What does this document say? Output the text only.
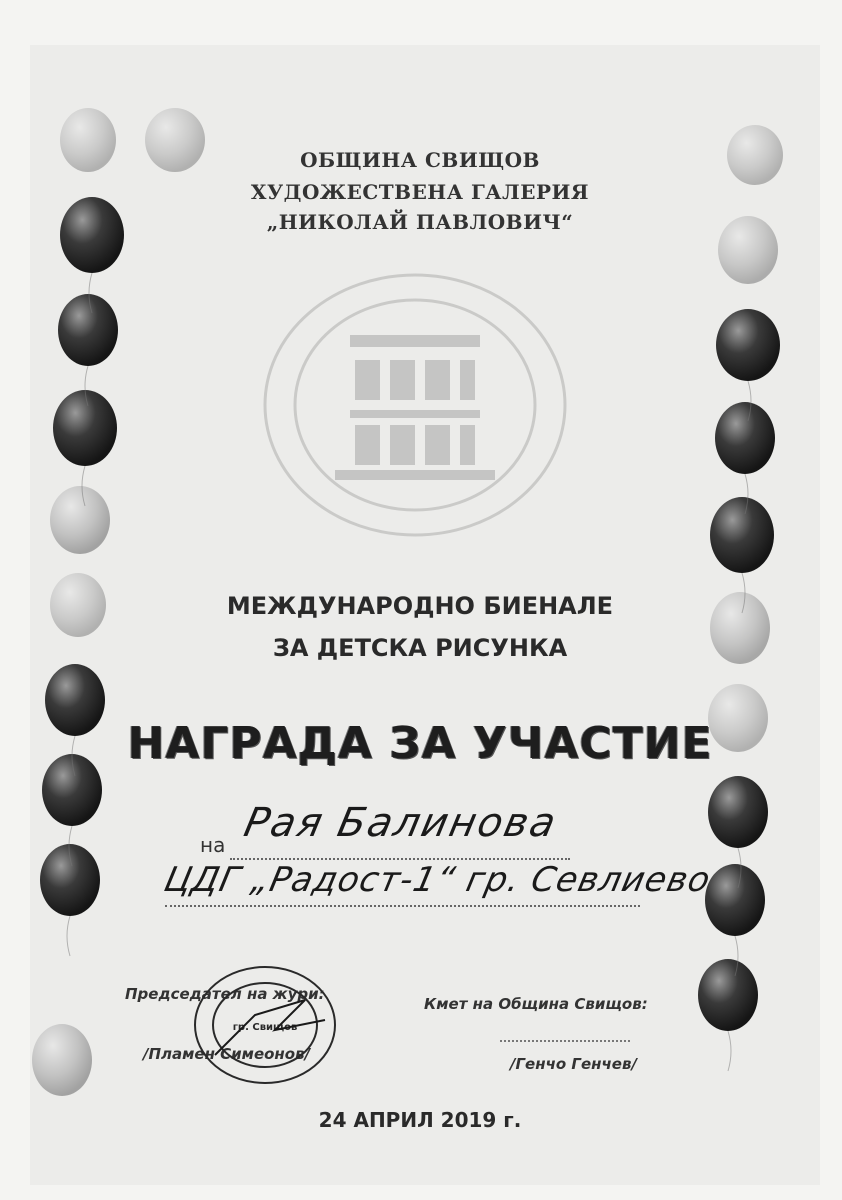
ОБЩИНА СВИЩОВ
ХУДОЖЕСТВЕНА ГАЛЕРИЯ
„НИКОЛАЙ ПАВЛОВИЧ“
МЕЖДУНАРОДНО БИЕНАЛЕ
ЗА ДЕТСКА РИСУНКА
НАГРАДА ЗА УЧАСТИЕ
на Рая Балинова
ЦДГ „Радост-1“ гр. Севлиево
Председател на жури:
/Пламен Симеонов/
гр. Свищов
Кмет на Община Свищов:
/Генчо Генчев/
24 АПРИЛ 2019 г.
